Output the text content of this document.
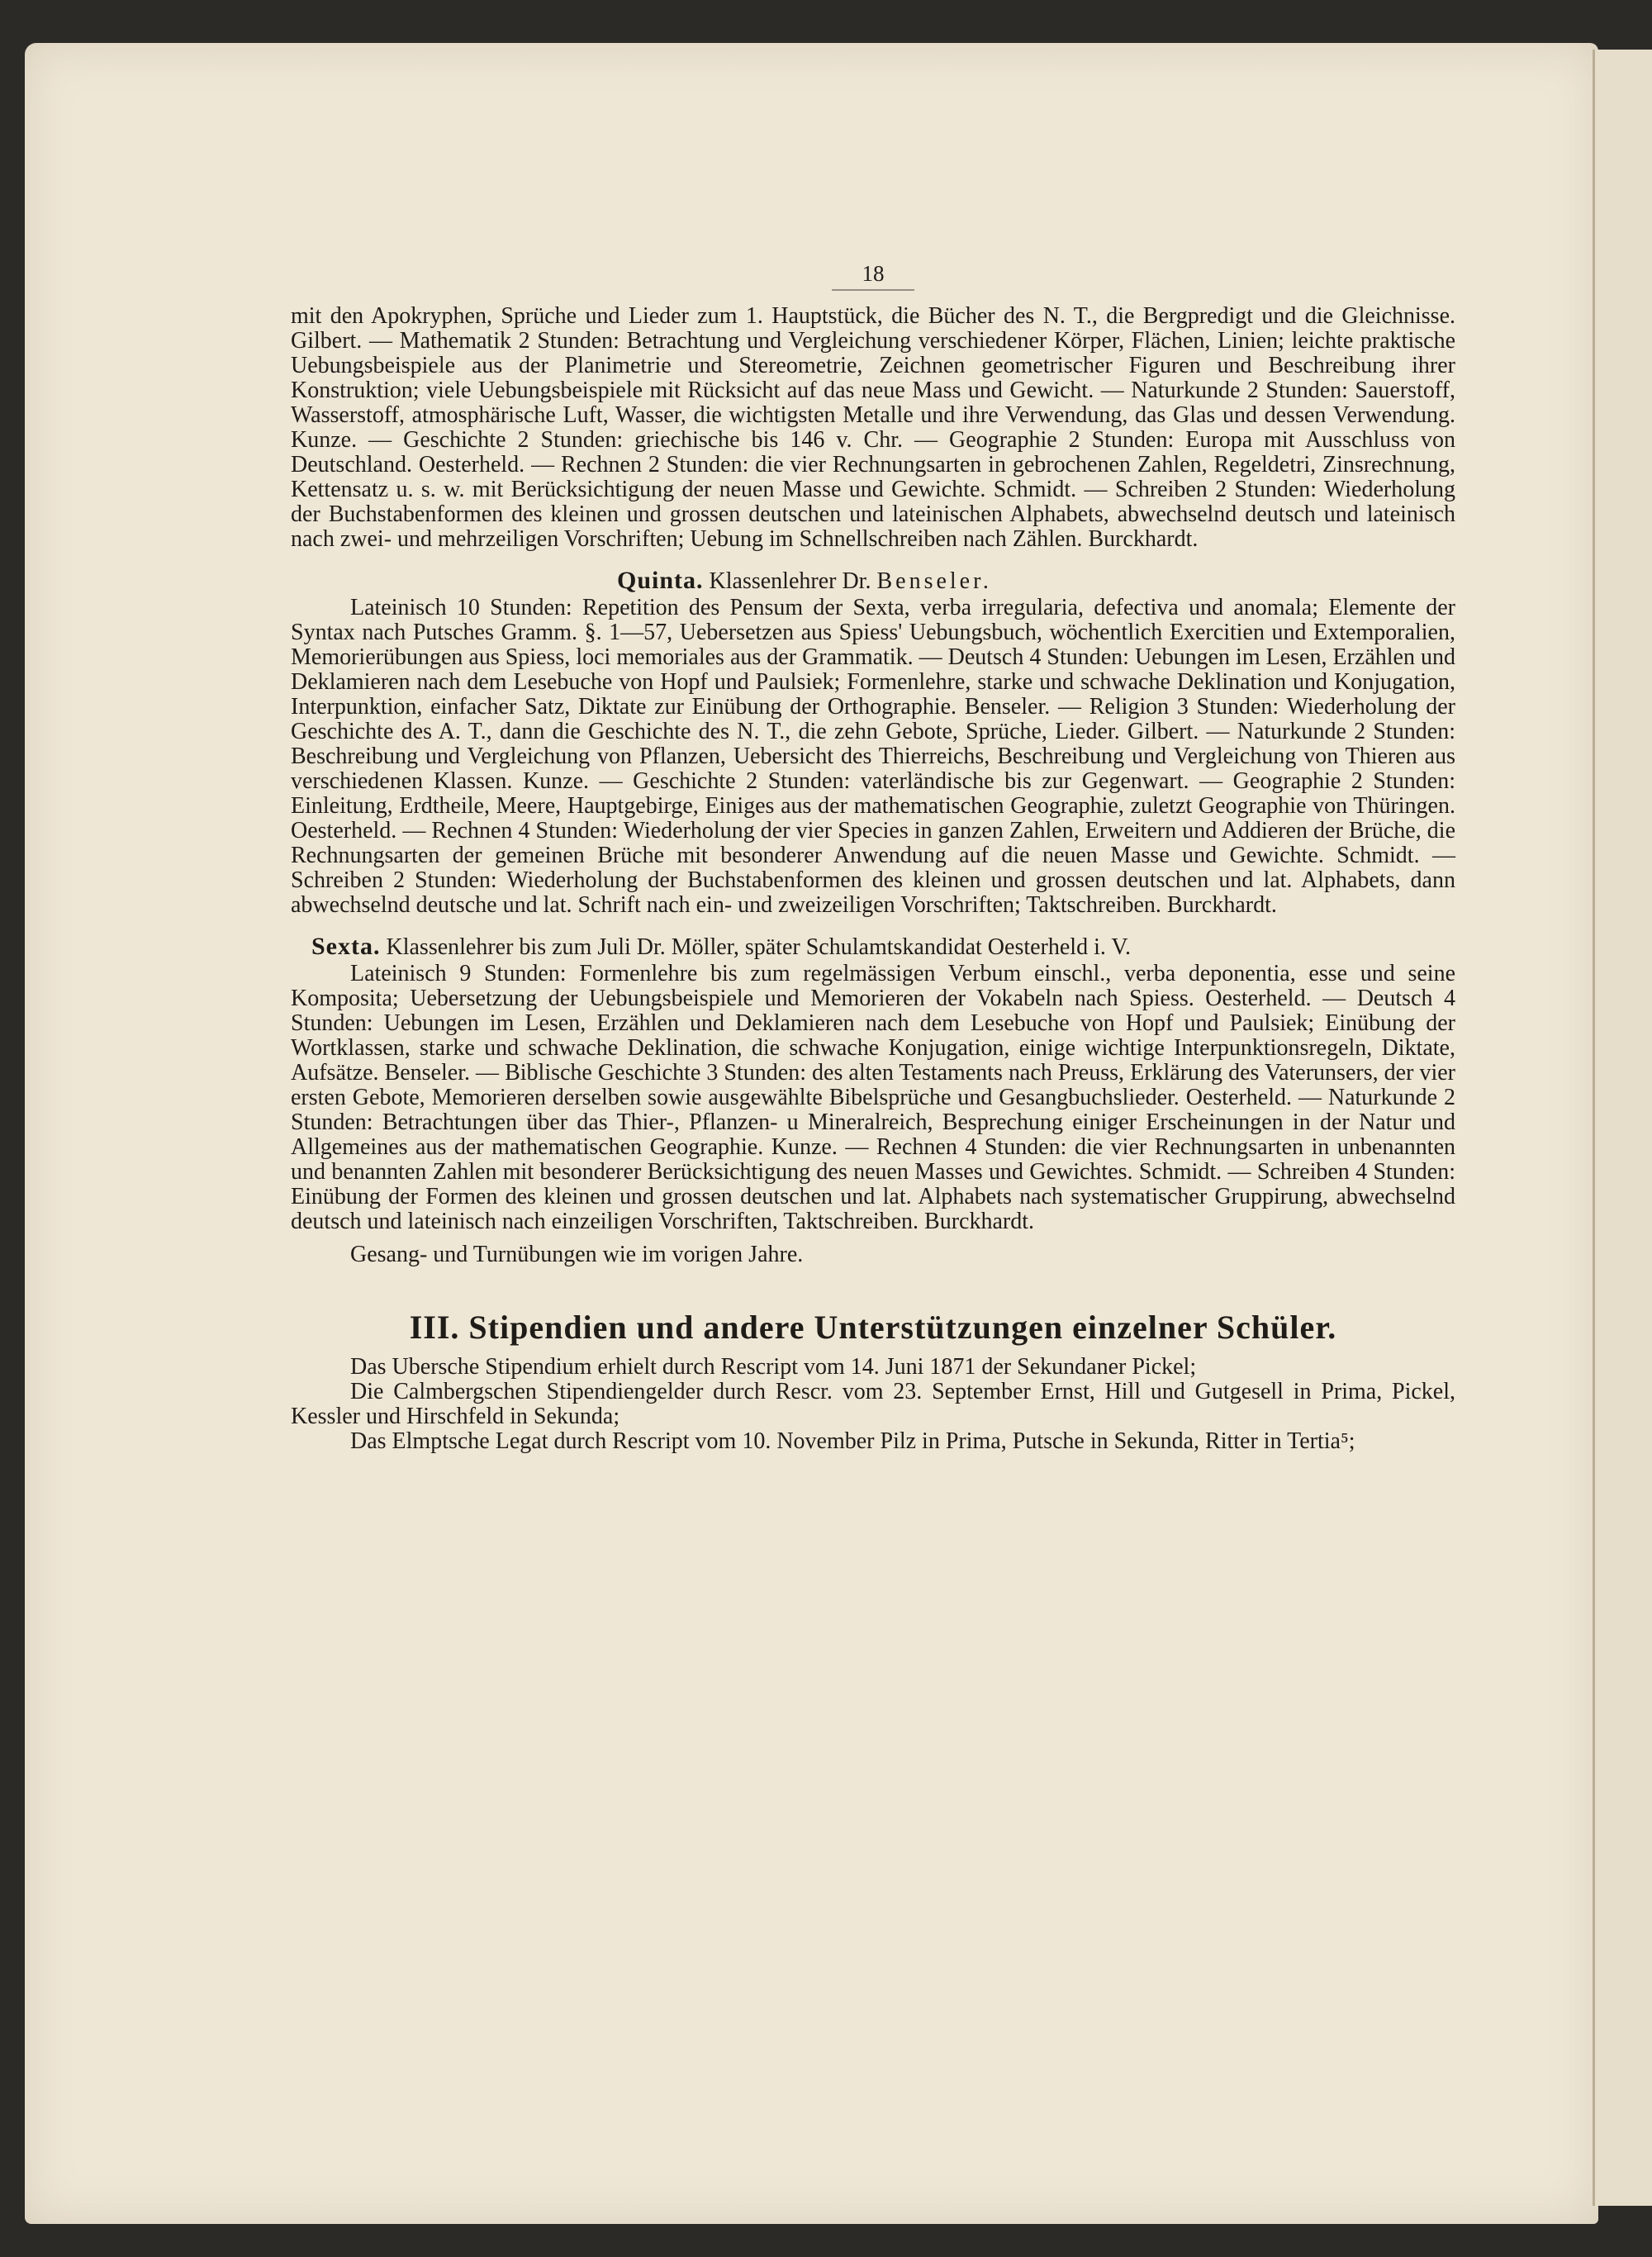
18

mit den Apokryphen, Sprüche und Lieder zum 1. Hauptstück, die Bücher des N. T., die Bergpredigt und die Gleichnisse. Gilbert. — Mathematik 2 Stunden: Betrachtung und Vergleichung verschiedener Körper, Flächen, Linien; leichte praktische Uebungsbeispiele aus der Planimetrie und Stereometrie, Zeichnen geometrischer Figuren und Beschreibung ihrer Konstruktion; viele Uebungsbeispiele mit Rücksicht auf das neue Mass und Gewicht. — Naturkunde 2 Stunden: Sauerstoff, Wasserstoff, atmosphärische Luft, Wasser, die wichtigsten Metalle und ihre Verwendung, das Glas und dessen Verwendung. Kunze. — Geschichte 2 Stunden: griechische bis 146 v. Chr. — Geographie 2 Stunden: Europa mit Ausschluss von Deutschland. Oesterheld. — Rechnen 2 Stunden: die vier Rechnungsarten in gebrochenen Zahlen, Regeldetri, Zinsrechnung, Kettensatz u. s. w. mit Berücksichtigung der neuen Masse und Gewichte. Schmidt. — Schreiben 2 Stunden: Wiederholung der Buchstabenformen des kleinen und grossen deutschen und lateinischen Alphabets, abwechselnd deutsch und lateinisch nach zwei- und mehrzeiligen Vorschriften; Uebung im Schnellschreiben nach Zählen. Burckhardt.

Quinta. Klassenlehrer Dr. Benseler.

Lateinisch 10 Stunden: Repetition des Pensum der Sexta, verba irregularia, defectiva und anomala; Elemente der Syntax nach Putsches Gramm. §. 1—57, Uebersetzen aus Spiess' Uebungsbuch, wöchentlich Exercitien und Extemporalien, Memorierübungen aus Spiess, loci memoriales aus der Grammatik. — Deutsch 4 Stunden: Uebungen im Lesen, Erzählen und Deklamieren nach dem Lesebuche von Hopf und Paulsiek; Formenlehre, starke und schwache Deklination und Konjugation, Interpunktion, einfacher Satz, Diktate zur Einübung der Orthographie. Benseler. — Religion 3 Stunden: Wiederholung der Geschichte des A. T., dann die Geschichte des N. T., die zehn Gebote, Sprüche, Lieder. Gilbert. — Naturkunde 2 Stunden: Beschreibung und Vergleichung von Pflanzen, Uebersicht des Thierreichs, Beschreibung und Vergleichung von Thieren aus verschiedenen Klassen. Kunze. — Geschichte 2 Stunden: vaterländische bis zur Gegenwart. — Geographie 2 Stunden: Einleitung, Erdtheile, Meere, Hauptgebirge, Einiges aus der mathematischen Geographie, zuletzt Geographie von Thüringen. Oesterheld. — Rechnen 4 Stunden: Wiederholung der vier Species in ganzen Zahlen, Erweitern und Addieren der Brüche, die Rechnungsarten der gemeinen Brüche mit besonderer Anwendung auf die neuen Masse und Gewichte. Schmidt. — Schreiben 2 Stunden: Wiederholung der Buchstabenformen des kleinen und grossen deutschen und lat. Alphabets, dann abwechselnd deutsche und lat. Schrift nach ein- und zweizeiligen Vorschriften; Taktschreiben. Burckhardt.

Sexta. Klassenlehrer bis zum Juli Dr. Möller, später Schulamtskandidat Oesterheld i. V.

Lateinisch 9 Stunden: Formenlehre bis zum regelmässigen Verbum einschl., verba deponentia, esse und seine Komposita; Uebersetzung der Uebungsbeispiele und Memorieren der Vokabeln nach Spiess. Oesterheld. — Deutsch 4 Stunden: Uebungen im Lesen, Erzählen und Deklamieren nach dem Lesebuche von Hopf und Paulsiek; Einübung der Wortklassen, starke und schwache Deklination, die schwache Konjugation, einige wichtige Interpunktionsregeln, Diktate, Aufsätze. Benseler. — Biblische Geschichte 3 Stunden: des alten Testaments nach Preuss, Erklärung des Vaterunsers, der vier ersten Gebote, Memorieren derselben sowie ausgewählte Bibelsprüche und Gesangbuchslieder. Oesterheld. — Naturkunde 2 Stunden: Betrachtungen über das Thier-, Pflanzen- u Mineralreich, Besprechung einiger Erscheinungen in der Natur und Allgemeines aus der mathematischen Geographie. Kunze. — Rechnen 4 Stunden: die vier Rechnungsarten in unbenannten und benannten Zahlen mit besonderer Berücksichtigung des neuen Masses und Gewichtes. Schmidt. — Schreiben 4 Stunden: Einübung der Formen des kleinen und grossen deutschen und lat. Alphabets nach systematischer Gruppirung, abwechselnd deutsch und lateinisch nach einzeiligen Vorschriften, Taktschreiben. Burckhardt.

Gesang- und Turnübungen wie im vorigen Jahre.

III. Stipendien und andere Unterstützungen einzelner Schüler.

Das Ubersche Stipendium erhielt durch Rescript vom 14. Juni 1871 der Sekundaner Pickel;

Die Calmbergschen Stipendiengelder durch Rescr. vom 23. September Ernst, Hill und Gutgesell in Prima, Pickel, Kessler und Hirschfeld in Sekunda;

Das Elmptsche Legat durch Rescript vom 10. November Pilz in Prima, Putsche in Sekunda, Ritter in Tertia⁵;
